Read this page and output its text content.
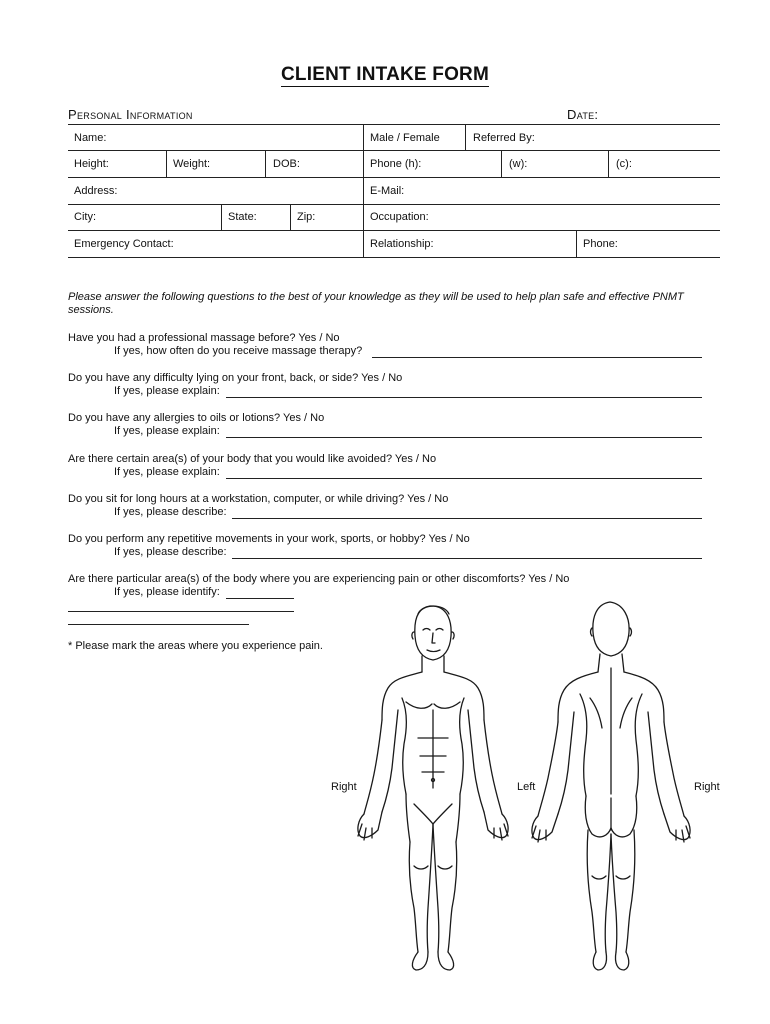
CLIENT INTAKE FORM
Personal Information	Date:
Name:	Male / Female	Referred By:
Height:	Weight:	DOB:	Phone (h):	(w):	(c):
Address:	E-Mail:
City:	State:	Zip:	Occupation:
Emergency Contact:	Relationship:	Phone:
Please answer the following questions to the best of your knowledge as they will be used to help plan safe and effective PNMT sessions.
Have you had a professional massage before? Yes / No
If yes, how often do you receive massage therapy?
Do you have any difficulty lying on your front, back, or side? Yes / No
If yes, please explain:
Do you have any allergies to oils or lotions? Yes / No
If yes, please explain:
Are there certain area(s) of your body that you would like avoided? Yes / No
If yes, please explain:
Do you sit for long hours at a workstation, computer, or while driving? Yes / No
If yes, please describe:
Do you perform any repetitive movements in your work, sports, or hobby? Yes / No
If yes, please describe:
Are there particular area(s) of the body where you are experiencing pain or other discomforts? Yes / No
If yes, please identify:
* Please mark the areas where you experience pain.
Right	Left	Right
